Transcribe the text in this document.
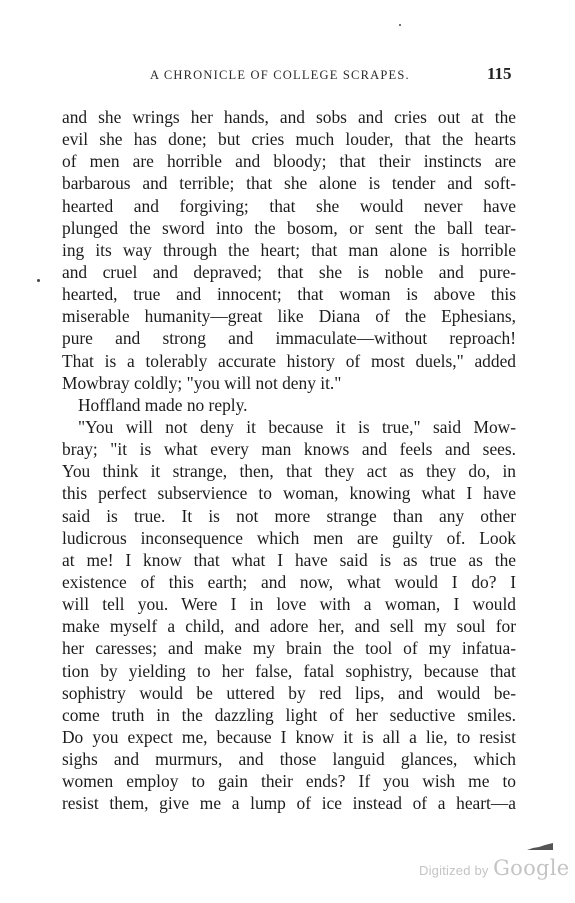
A CHRONICLE OF COLLEGE SCRAPES.	115
and she wrings her hands, and sobs and cries out at the
evil she has done; but cries much louder, that the hearts
of men are horrible and bloody; that their instincts are
barbarous and terrible; that she alone is tender and soft-
hearted and forgiving; that she would never have
plunged the sword into the bosom, or sent the ball tear-
ing its way through the heart; that man alone is horrible
and cruel and depraved; that she is noble and pure-
hearted, true and innocent; that woman is above this
miserable humanity—great like Diana of the Ephesians,
pure and strong and immaculate—without reproach!
That is a tolerably accurate history of most duels," added
Mowbray coldly; "you will not deny it."
Hoffland made no reply.
"You will not deny it because it is true," said Mow-
bray; "it is what every man knows and feels and sees.
You think it strange, then, that they act as they do, in
this perfect subservience to woman, knowing what I have
said is true. It is not more strange than any other
ludicrous inconsequence which men are guilty of. Look
at me! I know that what I have said is as true as the
existence of this earth; and now, what would I do? I
will tell you. Were I in love with a woman, I would
make myself a child, and adore her, and sell my soul for
her caresses; and make my brain the tool of my infatua-
tion by yielding to her false, fatal sophistry, because that
sophistry would be uttered by red lips, and would be-
come truth in the dazzling light of her seductive smiles.
Do you expect me, because I know it is all a lie, to resist
sighs and murmurs, and those languid glances, which
women employ to gain their ends? If you wish me to
resist them, give me a lump of ice instead of a heart—a
Digitized by Google
